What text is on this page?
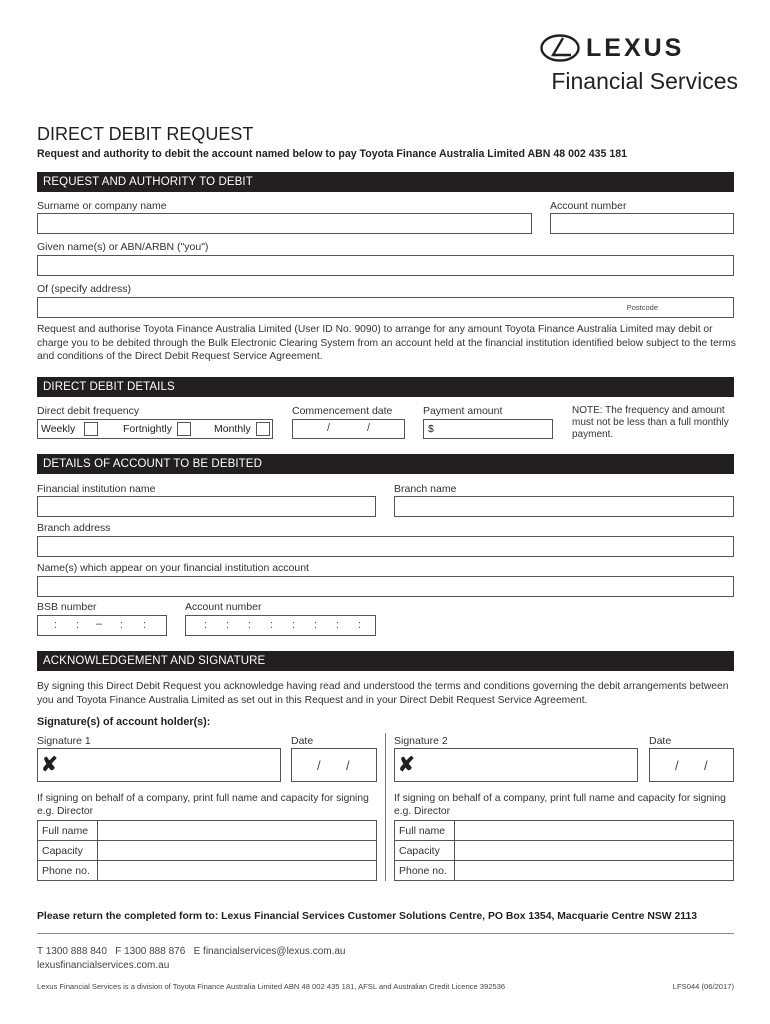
LEXUS
Financial Services
DIRECT DEBIT REQUEST
Request and authority to debit the account named below to pay Toyota Finance Australia Limited ABN 48 002 435 181
REQUEST AND AUTHORITY TO DEBIT
Surname or company name	Account number
Given name(s) or ABN/ARBN ("you")
Of (specify address)
Postcode
Request and authorise Toyota Finance Australia Limited (User ID No. 9090) to arrange for any amount Toyota Finance Australia Limited may debit or charge you to be debited through the Bulk Electronic Clearing System from an account held at the financial institution identified below subject to the terms and conditions of the Direct Debit Request Service Agreement.
DIRECT DEBIT DETAILS
Direct debit frequency
Weekly	Fortnightly	Monthly
Commencement date
/	/
Payment amount
$
NOTE: The frequency and amount must not be less than a full monthly payment.
DETAILS OF ACCOUNT TO BE DEBITED
Financial institution name	Branch name
Branch address
Name(s) which appear on your financial institution account
BSB number	Account number
: : – : :	: : : : : : : :
ACKNOWLEDGEMENT AND SIGNATURE
By signing this Direct Debit Request you acknowledge having read and understood the terms and conditions governing the debit arrangements between you and Toyota Finance Australia Limited as set out in this Request and in your Direct Debit Request Service Agreement.
Signature(s) of account holder(s):
Signature 1	Date
✘	/ /
If signing on behalf of a company, print full name and capacity for signing e.g. Director
Full name
Capacity
Phone no.
Signature 2	Date
✘	/ /
If signing on behalf of a company, print full name and capacity for signing e.g. Director
Full name
Capacity
Phone no.
Please return the completed form to: Lexus Financial Services Customer Solutions Centre, PO Box 1354, Macquarie Centre NSW 2113
T 1300 888 840   F 1300 888 876   E financialservices@lexus.com.au
lexusfinancialservices.com.au
Lexus Financial Services is a division of Toyota Finance Australia Limited ABN 48 002 435 181, AFSL and Australian Credit Licence 392536	LFS044 (06/2017)
